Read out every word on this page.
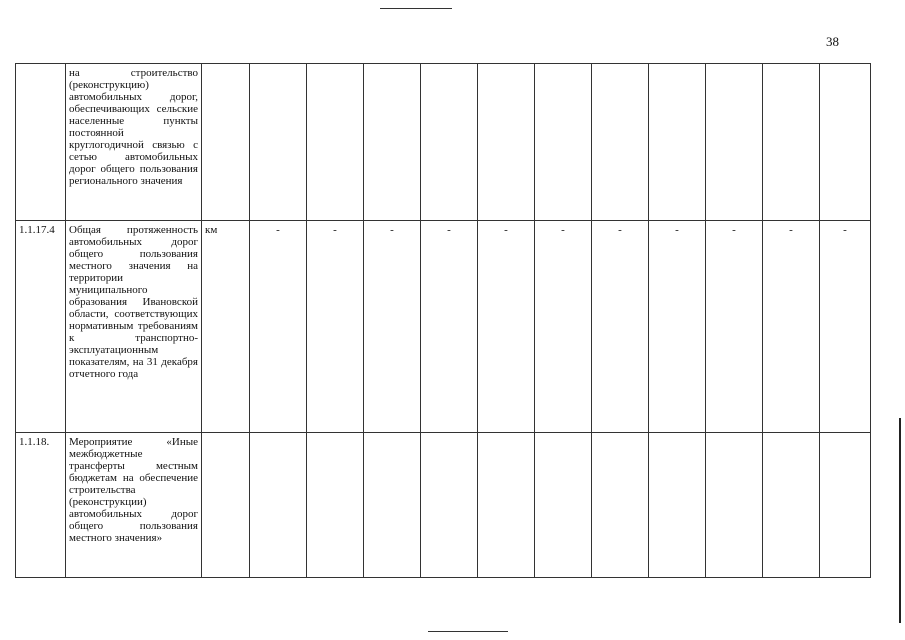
38
	на строительство (реконструкцию) автомобильных дорог, обеспечивающих сельские населенные пункты постоянной круглогодичной связью с сетью автомобильных дорог общего пользования регионального значения												
1.1.17.4	Общая протяженность автомобильных дорог общего пользования местного значения на территории муниципального образования Ивановской области, соответствующих нормативным требованиям к транспортно-эксплуатационным показателям, на 31 декабря отчетного года	км	-	-	-	-	-	-	-	-	-	-	-
1.1.18.	Мероприятие «Иные межбюджетные трансферты местным бюджетам на обеспечение строительства (реконструкции) автомобильных дорог общего пользования местного значения»												
